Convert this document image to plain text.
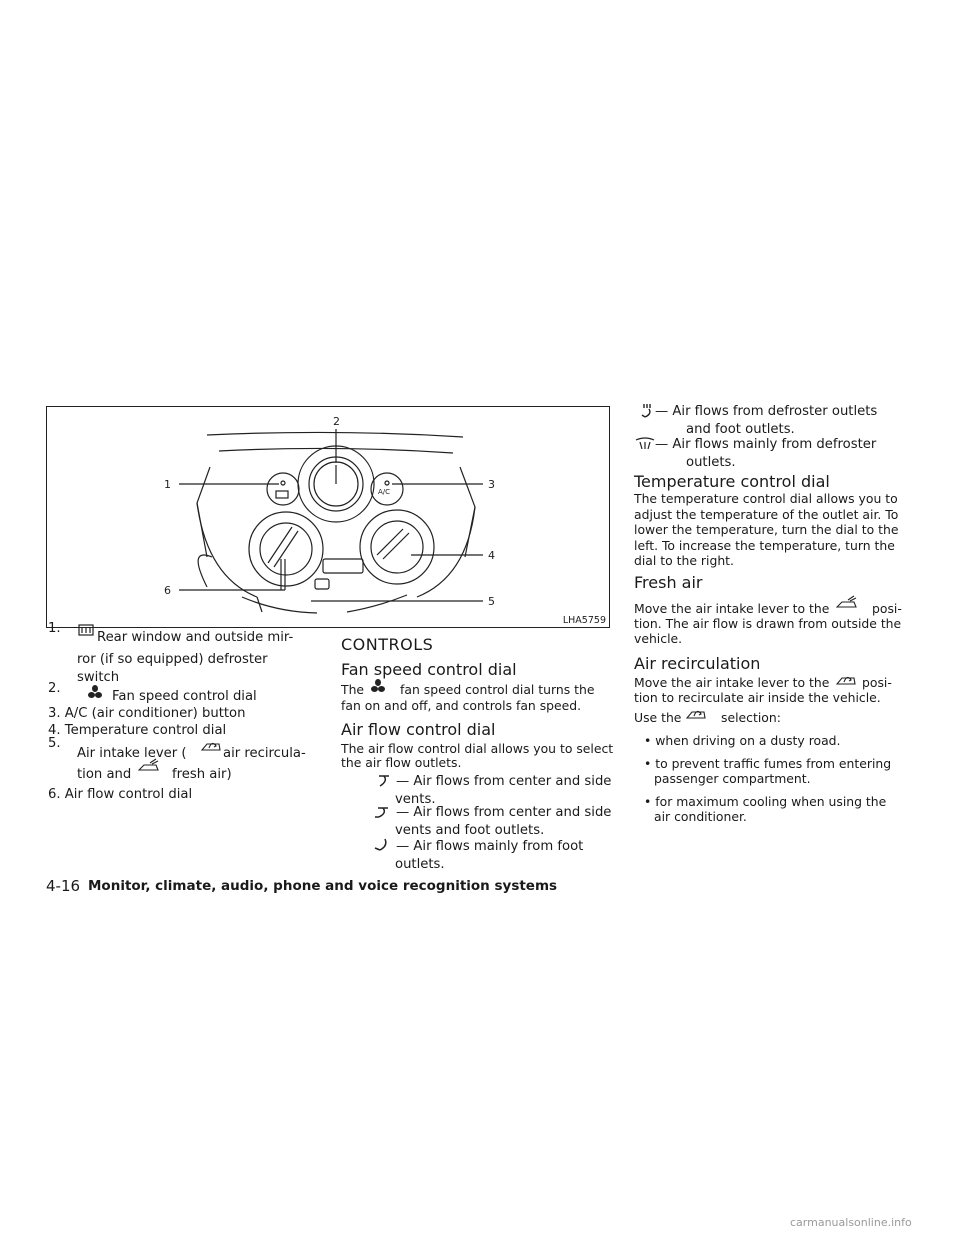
1
2
3
4
5
6
A/C
LHA5759
1.
Rear window and outside mir-
ror (if so equipped) defroster
switch
2.
Fan speed control dial
3. A/C (air conditioner) button
4. Temperature control dial
5.
Air intake lever (	air recircula-
tion and	fresh air)
6. Air flow control dial
CONTROLS
Fan speed control dial
The	fan speed control dial turns the
fan on and off, and controls fan speed.
Air flow control dial
The air flow control dial allows you to select
the air flow outlets.
— Air flows from center and side
vents.
— Air flows from center and side
vents and foot outlets.
— Air flows mainly from foot
outlets.
— Air flows from defroster outlets
and foot outlets.
— Air flows mainly from defroster
outlets.
Temperature control dial
The temperature control dial allows you to
adjust the temperature of the outlet air. To
lower the temperature, turn the dial to the
left. To increase the temperature, turn the
dial to the right.
Fresh air
Move the air intake lever to the	posi-
tion. The air flow is drawn from outside the
vehicle.
Air recirculation
Move the air intake lever to the	posi-
tion to recirculate air inside the vehicle.
Use the	selection:
• when driving on a dusty road.
• to prevent traffic fumes from entering
passenger compartment.
• for maximum cooling when using the
air conditioner.
4-16 Monitor, climate, audio, phone and voice recognition systems
carmanualsonline.info
